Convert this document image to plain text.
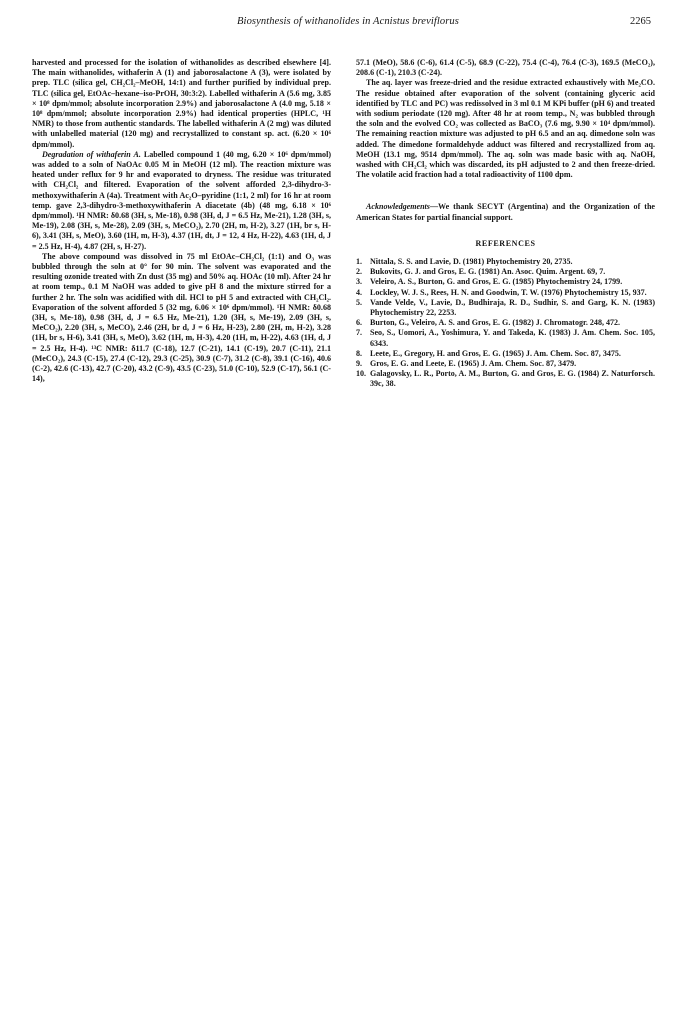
Biosynthesis of withanolides in Acnistus breviflorus	2265

harvested and processed for the isolation of withanolides as described elsewhere [4]. The main withanolides, withaferin A (1) and jaborosalactone A (3), were isolated by prep. TLC (silica gel, CH₂Cl₂–MeOH, 14:1) and further purified by individual prep. TLC (silica gel, EtOAc–hexane–iso-PrOH, 30:3:2). Labelled withaferin A (5.6 mg, 3.85 × 10⁸ dpm/mmol; absolute incorporation 2.9%) and jaborosalactone A (4.0 mg, 5.18 × 10⁸ dpm/mmol; absolute incorporation 2.9%) had identical properties (HPLC, ¹H NMR) to those from authentic standards. The labelled withaferin A (2 mg) was diluted with unlabelled material (120 mg) and recrystallized to constant sp. act. (6.20 × 10⁶ dpm/mmol).

Degradation of withaferin A. Labelled compound 1 (40 mg, 6.20 × 10⁶ dpm/mmol) was added to a soln of NaOAc 0.05 M in MeOH (12 ml). The reaction mixture was heated under reflux for 9 hr and evaporated to dryness. The residue was triturated with CH₂Cl₂ and filtered. Evaporation of the solvent afforded 2,3-dihydro-3-methoxywithaferin A (4a). Treatment with Ac₂O–pyridine (1:1, 2 ml) for 16 hr at room temp. gave 2,3-dihydro-3-methoxywithaferin A diacetate (4b) (48 mg, 6.18 × 10⁶ dpm/mmol). ¹H NMR: δ0.68 (3H, s, Me-18), 0.98 (3H, d, J = 6.5 Hz, Me-21), 1.28 (3H, s, Me-19), 2.08 (3H, s, Me-28), 2.09 (3H, s, MeCO₂), 2.70 (2H, m, H-2), 3.27 (1H, br s, H-6), 3.41 (3H, s, MeO), 3.60 (1H, m, H-3), 4.37 (1H, dt, J = 12, 4 Hz, H-22), 4.63 (1H, d, J = 2.5 Hz, H-4), 4.87 (2H, s, H-27).

The above compound was dissolved in 75 ml EtOAc–CH₂Cl₂ (1:1) and O₃ was bubbled through the soln at 0° for 90 min. The solvent was evaporated and the resulting ozonide treated with Zn dust (35 mg) and 50% aq. HOAc (10 ml). After 24 hr at room temp., 0.1 M NaOH was added to give pH 8 and the mixture stirred for a further 2 hr. The soln was acidified with dil. HCl to pH 5 and extracted with CH₂Cl₂. Evaporation of the solvent afforded 5 (32 mg, 6.06 × 10⁶ dpm/mmol). ¹H NMR: δ0.68 (3H, s, Me-18), 0.98 (3H, d, J = 6.5 Hz, Me-21), 1.20 (3H, s, Me-19), 2.09 (3H, s, MeCO₂), 2.20 (3H, s, MeCO), 2.46 (2H, br d, J = 6 Hz, H-23), 2.80 (2H, m, H-2), 3.28 (1H, br s, H-6), 3.41 (3H, s, MeO), 3.62 (1H, m, H-3), 4.20 (1H, m, H-22), 4.63 (1H, d, J = 2.5 Hz, H-4). ¹³C NMR: δ11.7 (C-18), 12.7 (C-21), 14.1 (C-19), 20.7 (C-11), 21.1 (MeCO₂), 24.3 (C-15), 27.4 (C-12), 29.3 (C-25), 30.9 (C-7), 31.2 (C-8), 39.1 (C-16), 40.6 (C-2), 42.6 (C-13), 42.7 (C-20), 43.2 (C-9), 43.5 (C-23), 51.0 (C-10), 52.9 (C-17), 56.1 (C-14),

57.1 (MeO), 58.6 (C-6), 61.4 (C-5), 68.9 (C-22), 75.4 (C-4), 76.4 (C-3), 169.5 (MeCO₂), 208.6 (C-1), 210.3 (C-24).

The aq. layer was freeze-dried and the residue extracted exhaustively with Me₂CO. The residue obtained after evaporation of the solvent (containing glyceric acid identified by TLC and PC) was redissolved in 3 ml 0.1 M KPi buffer (pH 6) and treated with sodium periodate (120 mg). After 48 hr at room temp., N₂ was bubbled through the soln and the evolved CO₂ was collected as BaCO₃ (7.6 mg, 9.90 × 10⁴ dpm/mmol). The remaining reaction mixture was adjusted to pH 6.5 and an aq. dimedone soln was added. The dimedone formaldehyde adduct was filtered and recrystallized from aq. MeOH (13.1 mg, 9514 dpm/mmol). The aq. soln was made basic with aq. NaOH, washed with CH₂Cl₂ which was discarded, its pH adjusted to 2 and then freeze-dried. The volatile acid fraction had a total radioactivity of 1100 dpm.

Acknowledgements—We thank SECYT (Argentina) and the Organization of the American States for partial financial support.

REFERENCES
1. Nittala, S. S. and Lavie, D. (1981) Phytochemistry 20, 2735.
2. Bukovits, G. J. and Gros, E. G. (1981) An. Asoc. Quim. Argent. 69, 7.
3. Veleiro, A. S., Burton, G. and Gros, E. G. (1985) Phytochemistry 24, 1799.
4. Lockley, W. J. S., Rees, H. N. and Goodwin, T. W. (1976) Phytochemistry 15, 937.
5. Vande Velde, V., Lavie, D., Budhiraja, R. D., Sudhir, S. and Garg, K. N. (1983) Phytochemistry 22, 2253.
6. Burton, G., Veleiro, A. S. and Gros, E. G. (1982) J. Chromatogr. 248, 472.
7. Seo, S., Uomori, A., Yoshimura, Y. and Takeda, K. (1983) J. Am. Chem. Soc. 105, 6343.
8. Leete, E., Gregory, H. and Gros, E. G. (1965) J. Am. Chem. Soc. 87, 3475.
9. Gros, E. G. and Leete, E. (1965) J. Am. Chem. Soc. 87, 3479.
10. Galagovsky, L. R., Porto, A. M., Burton, G. and Gros, E. G. (1984) Z. Naturforsch. 39c, 38.
